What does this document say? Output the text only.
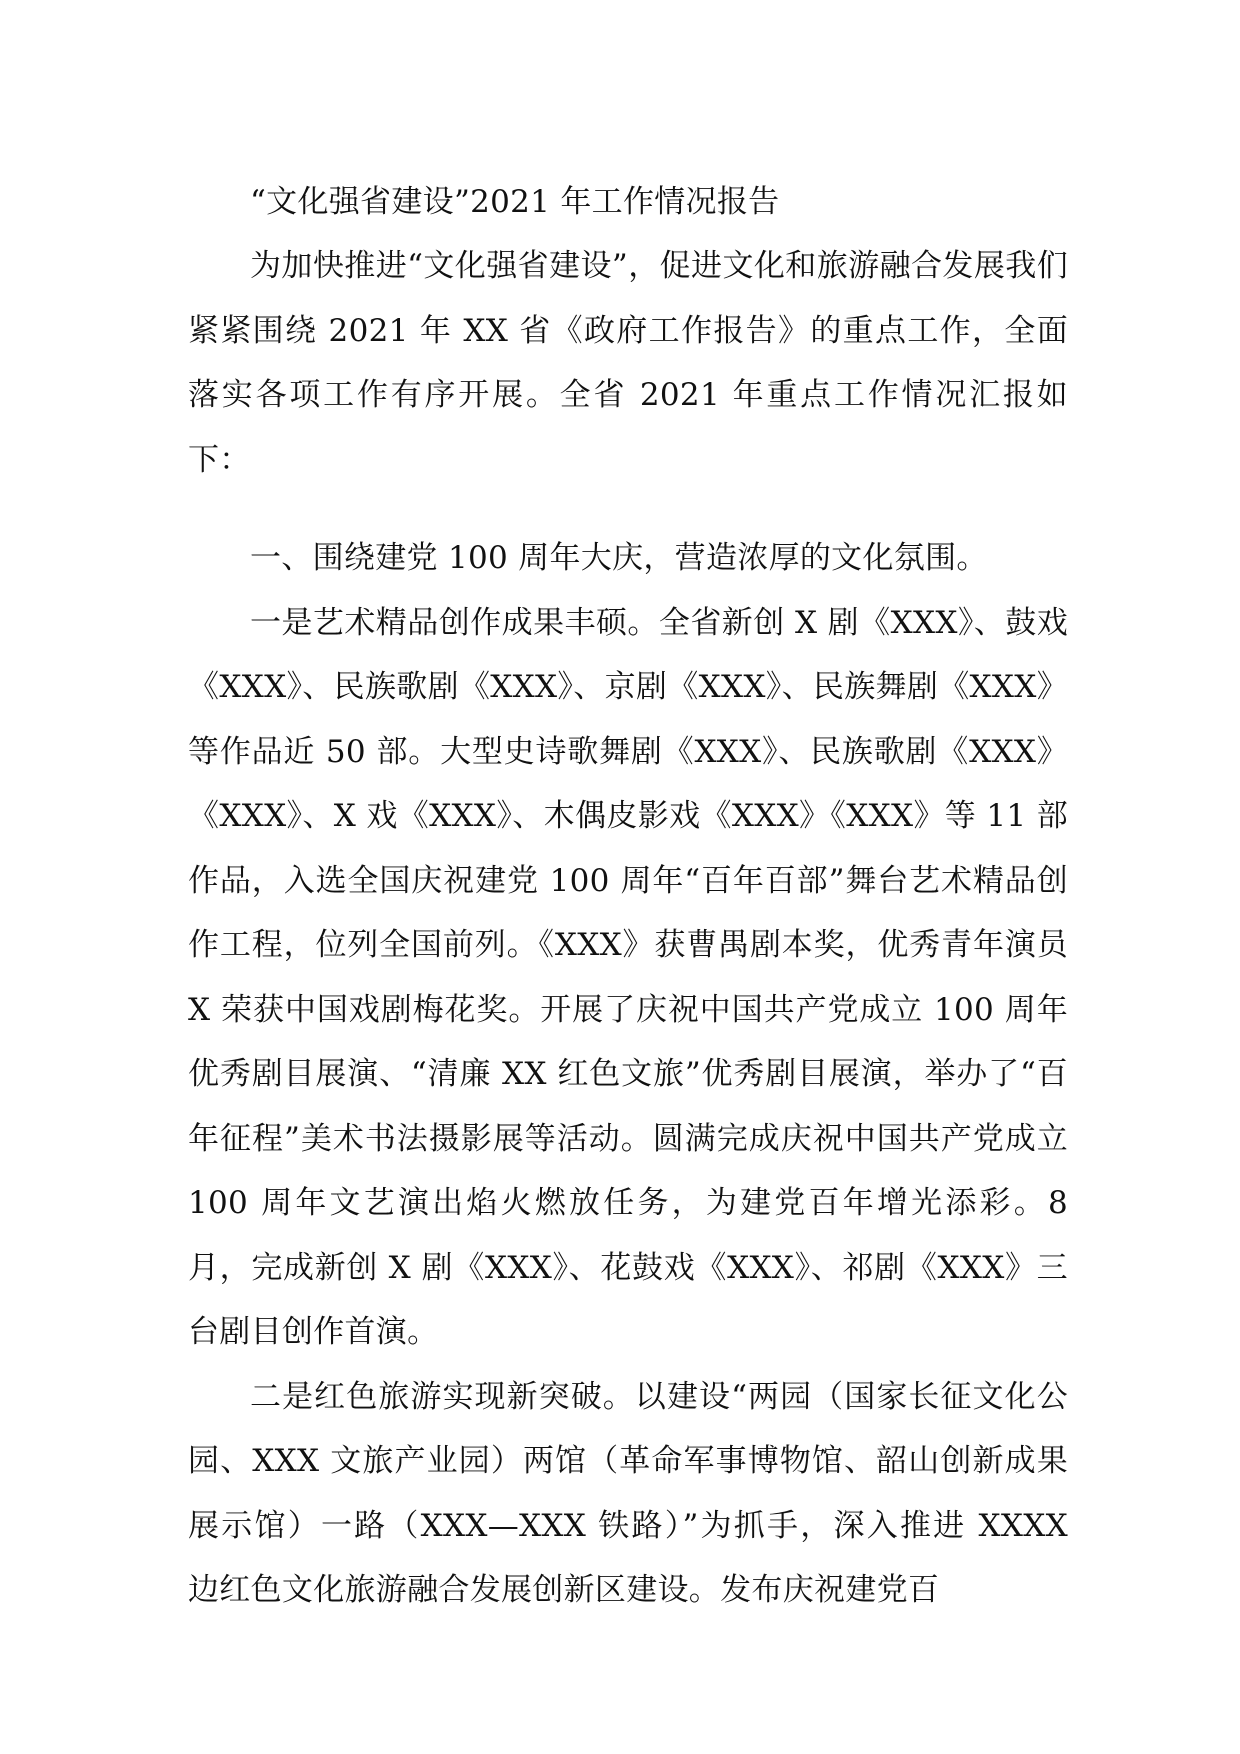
“文化强省建设”2021 年工作情况报告

为加快推进“文化强省建设”，促进文化和旅游融合发展我们紧紧围绕 2021 年 XX 省《政府工作报告》的重点工作，全面落实各项工作有序开展。全省 2021 年重点工作情况汇报如下：

一、围绕建党 100 周年大庆，营造浓厚的文化氛围。

一是艺术精品创作成果丰硕。全省新创 X 剧《XXX》、鼓戏《XXX》、民族歌剧《XXX》、京剧《XXX》、民族舞剧《XXX》等作品近 50 部。大型史诗歌舞剧《XXX》、民族歌剧《XXX》《XXX》、X 戏《XXX》、木偶皮影戏《XXX》《XXX》等 11 部作品，入选全国庆祝建党 100 周年“百年百部”舞台艺术精品创作工程，位列全国前列。《XXX》获曹禺剧本奖，优秀青年演员 X 荣获中国戏剧梅花奖。开展了庆祝中国共产党成立 100 周年优秀剧目展演、“清廉 XX 红色文旅”优秀剧目展演，举办了“百年征程”美术书法摄影展等活动。圆满完成庆祝中国共产党成立 100 周年文艺演出焰火燃放任务，为建党百年增光添彩。8 月，完成新创 X 剧《XXX》、花鼓戏《XXX》、祁剧《XXX》三台剧目创作首演。

二是红色旅游实现新突破。以建设“两园（国家长征文化公园、XXX 文旅产业园）两馆（革命军事博物馆、韶山创新成果展示馆）一路（XXX—XXX 铁路）”为抓手，深入推进 XXXX 边红色文化旅游融合发展创新区建设。发布庆祝建党百
